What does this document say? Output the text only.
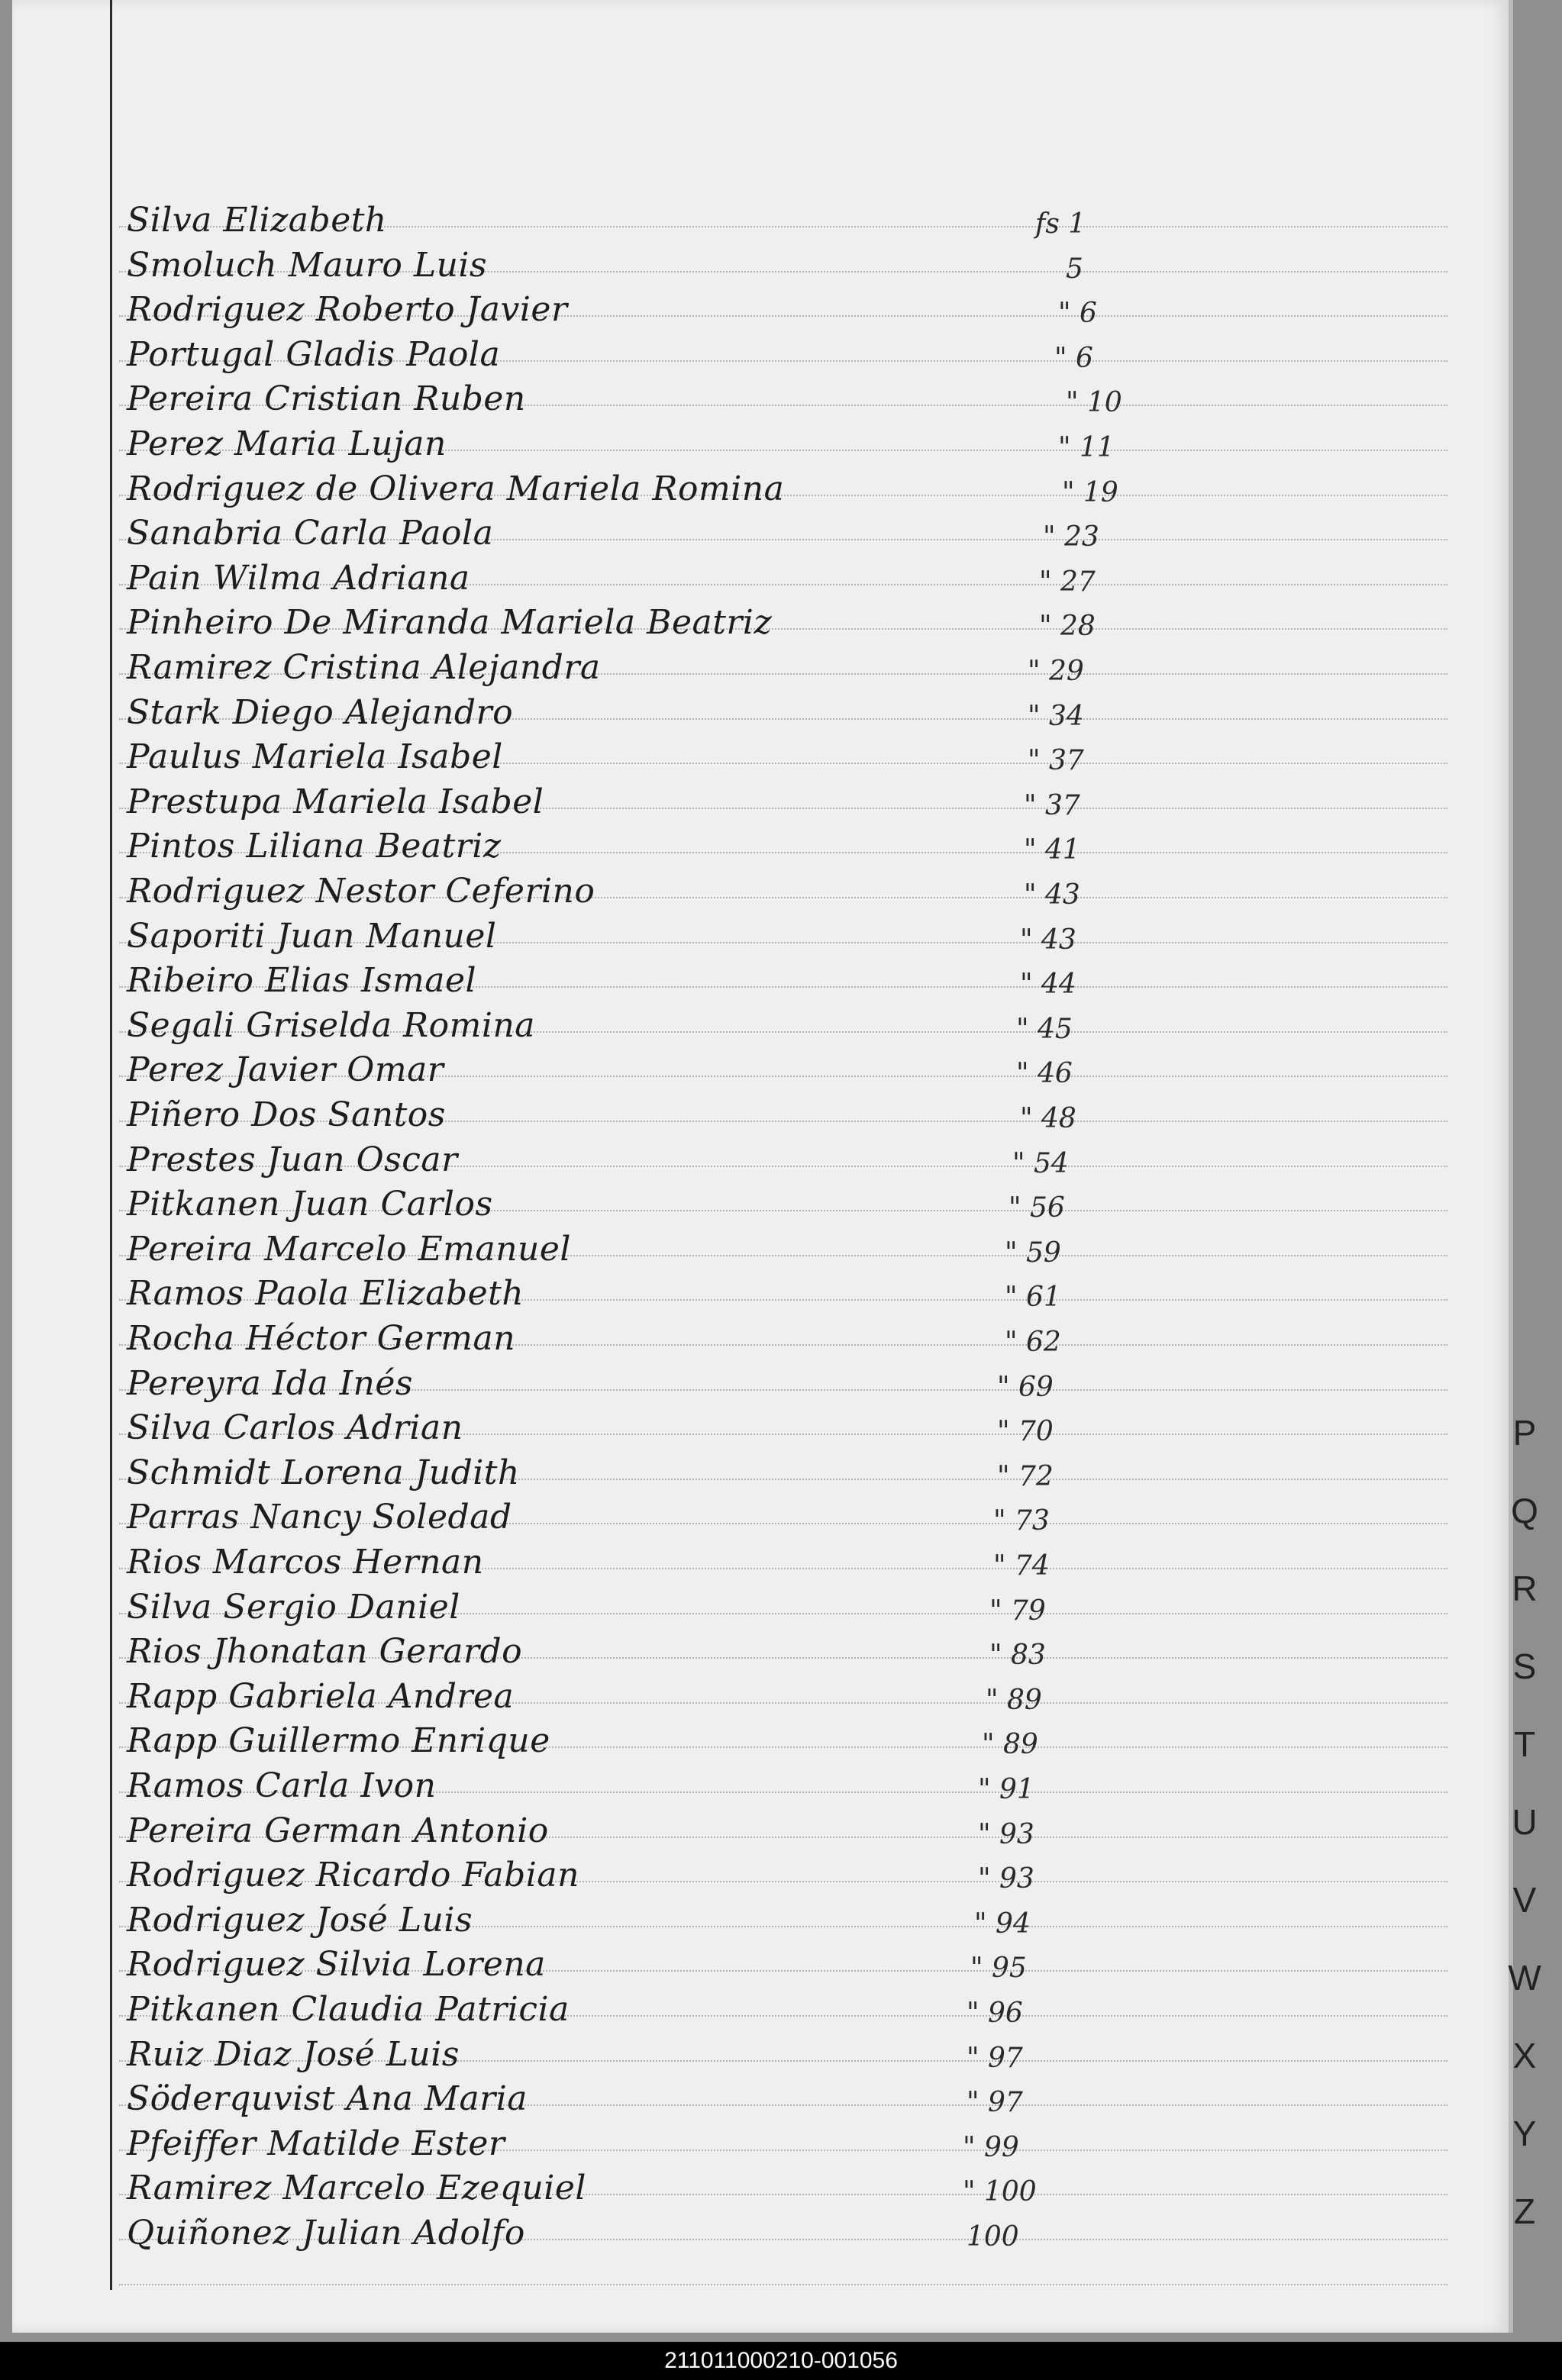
Silva Elizabeth	fs 1
Smoluch Mauro Luis	5
Rodriguez Roberto Javier	" 6
Portugal Gladis Paola	" 6
Pereira Cristian Ruben	" 10
Perez Maria Lujan	" 11
Rodriguez de Olivera Mariela Romina	" 19
Sanabria Carla Paola	" 23
Pain Wilma Adriana	" 27
Pinheiro De Miranda Mariela Beatriz	" 28
Ramirez Cristina Alejandra	" 29
Stark Diego Alejandro	" 34
Paulus Mariela Isabel	" 37
Prestupa Mariela Isabel	" 37
Pintos Liliana Beatriz	" 41
Rodriguez Nestor Ceferino	" 43
Saporiti Juan Manuel	" 43
Ribeiro Elias Ismael	" 44
Segali Griselda Romina	" 45
Perez Javier Omar	" 46
Piñero Dos Santos	" 48
Prestes Juan Oscar	" 54
Pitkanen Juan Carlos	" 56
Pereira Marcelo Emanuel	" 59
Ramos Paola Elizabeth	" 61
Rocha Héctor German	" 62
Pereyra Ida Inés	" 69
Silva Carlos Adrian	" 70
Schmidt Lorena Judith	" 72
Parras Nancy Soledad	" 73
Rios Marcos Hernan	" 74
Silva Sergio Daniel	" 79
Rios Jhonatan Gerardo	" 83
Rapp Gabriela Andrea	" 89
Rapp Guillermo Enrique	" 89
Ramos Carla Ivon	" 91
Pereira German Antonio	" 93
Rodriguez Ricardo Fabian	" 93
Rodriguez José Luis	" 94
Rodriguez Silvia Lorena	" 95
Pitkanen Claudia Patricia	" 96
Ruiz Diaz José Luis	" 97
Söderquvist Ana Maria	" 97
Pfeiffer Matilde Ester	" 99
Ramirez Marcelo Ezequiel	" 100
Quiñonez Julian Adolfo	100
P
Q
R
S
T
U
V
W
X
Y
Z
211011000210-001056
